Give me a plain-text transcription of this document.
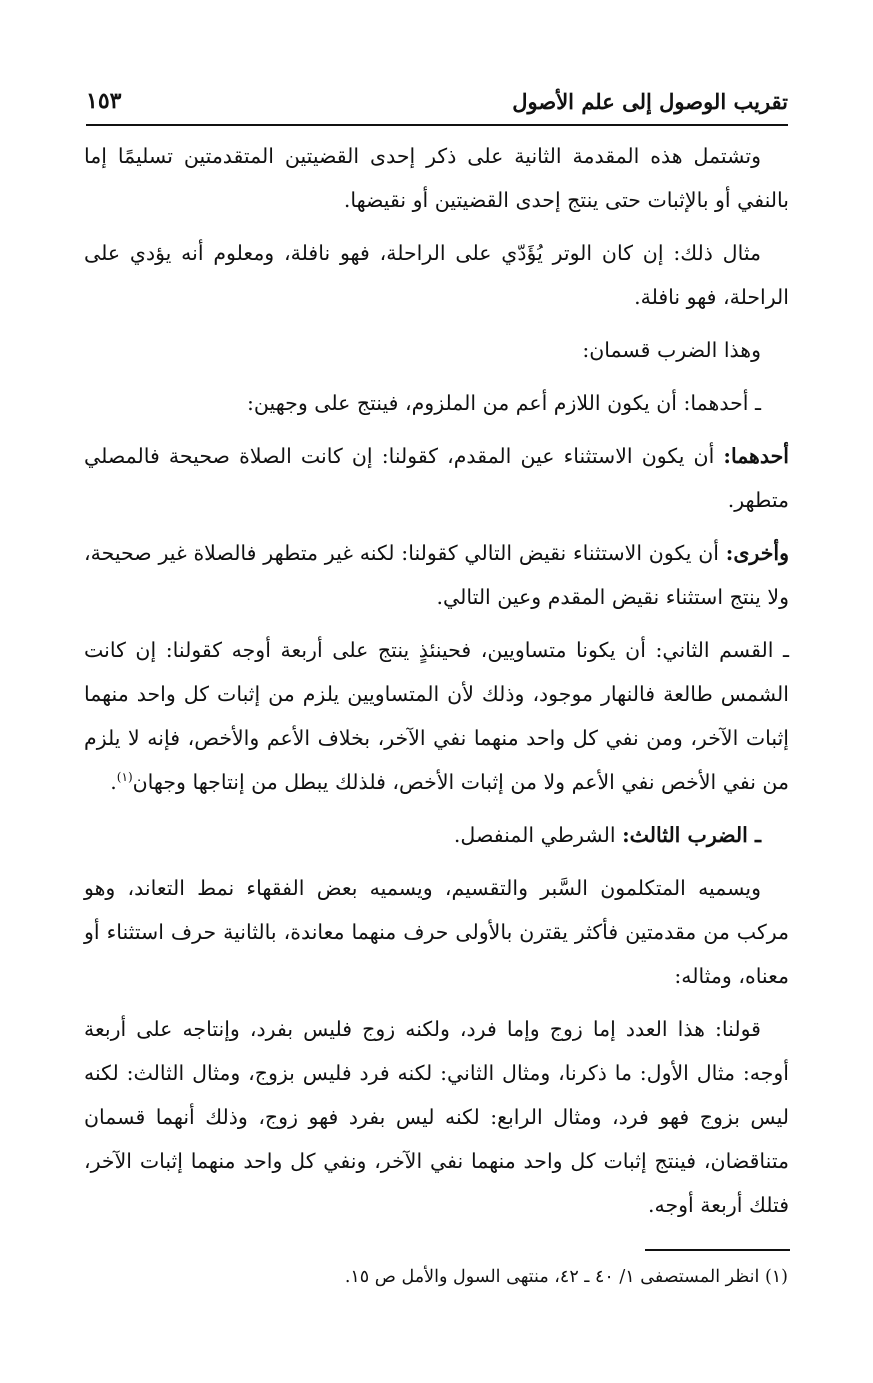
تقريب الوصول إلى علم الأصول
١٥٣

وتشتمل هذه المقدمة الثانية على ذكر إحدى القضيتين المتقدمتين تسليمًا إما بالنفي أو بالإثبات حتى ينتج إحدى القضيتين أو نقيضها.

مثال ذلك: إن كان الوتر يُؤَدّي على الراحلة، فهو نافلة، ومعلوم أنه يؤدي على الراحلة، فهو نافلة.

وهذا الضرب قسمان:

ـ أحدهما: أن يكون اللازم أعم من الملزوم، فينتج على وجهين:

أحدهما: أن يكون الاستثناء عين المقدم، كقولنا: إن كانت الصلاة صحيحة فالمصلي متطهر.

وأخرى: أن يكون الاستثناء نقيض التالي كقولنا: لكنه غير متطهر فالصلاة غير صحيحة، ولا ينتج استثناء نقيض المقدم وعين التالي.

ـ القسم الثاني: أن يكونا متساويين، فحينئذٍ ينتج على أربعة أوجه كقولنا: إن كانت الشمس طالعة فالنهار موجود، وذلك لأن المتساويين يلزم من إثبات كل واحد منهما إثبات الآخر، ومن نفي كل واحد منهما نفي الآخر، بخلاف الأعم والأخص، فإنه لا يلزم من نفي الأخص نفي الأعم ولا من إثبات الأخص، فلذلك يبطل من إنتاجها وجهان$^{(١)}$.

ـ الضرب الثالث: الشرطي المنفصل.

ويسميه المتكلمون السَّبر والتقسيم، ويسميه بعض الفقهاء نمط التعاند، وهو مركب من مقدمتين فأكثر يقترن بالأولى حرف منهما معاندة، بالثانية حرف استثناء أو معناه، ومثاله:

قولنا: هذا العدد إما زوج وإما فرد، ولكنه زوج فليس بفرد، وإنتاجه على أربعة أوجه: مثال الأول: ما ذكرنا، ومثال الثاني: لكنه فرد فليس بزوج، ومثال الثالث: لكنه ليس بزوج فهو فرد، ومثال الرابع: لكنه ليس بفرد فهو زوج، وذلك أنهما قسمان متناقضان، فينتج إثبات كل واحد منهما نفي الآخر، ونفي كل واحد منهما إثبات الآخر، فتلك أربعة أوجه.

(١) انظر المستصفى ١/ ٤٠ ـ ٤٢، منتهى السول والأمل ص ١٥.
